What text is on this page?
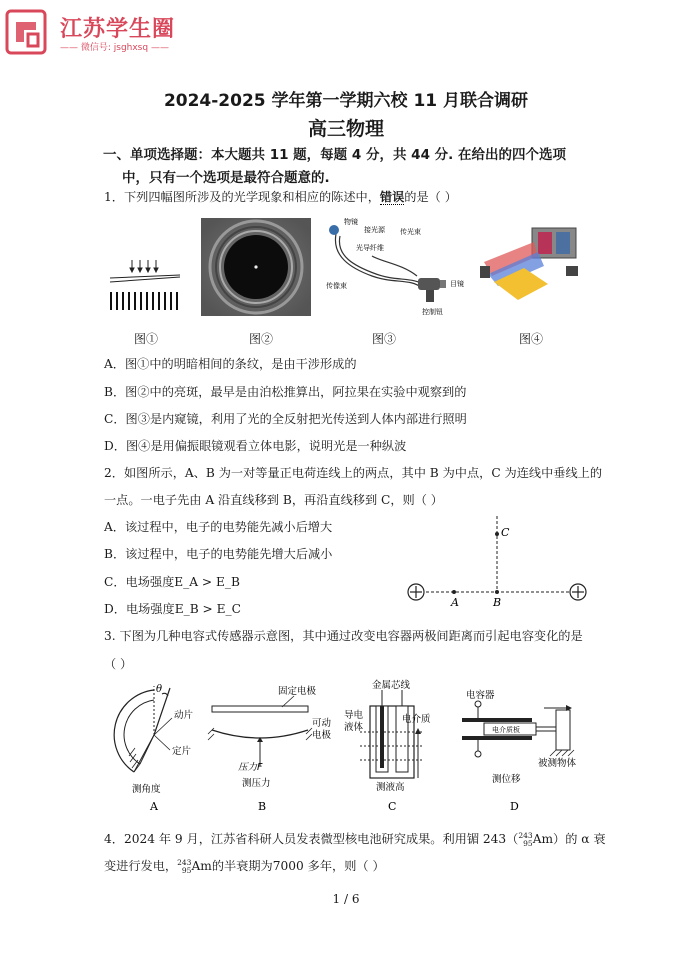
江苏学生圈
—— 微信号: jsghxsq ——
2024-2025 学年第一学期六校 11 月联合调研
高三物理
一、单项选择题：本大题共 11 题，每题 4 分，共 44 分. 在给出的四个选项
中，只有一个选项是最符合题意的.
1．下列四幅图所涉及的光学现象和相应的陈述中，错误的是（ ）
物镜
接光源 传光束
光导纤维
传像束	目镜
控制钮
图①	图②	图③	图④
A．图①中的明暗相间的条纹，是由干涉形成的
B．图②中的亮斑，最早是由泊松推算出，阿拉果在实验中观察到的
C．图③是内窥镜，利用了光的全反射把光传送到人体内部进行照明
D．图④是用偏振眼镜观看立体电影，说明光是一种纵波
2．如图所示，A、B 为一对等量正电荷连线上的两点，其中 B 为中点，C 为连线中垂线上的
一点。一电子先由 A 沿直线移到 B，再沿直线移到 C，则（ ）
A．该过程中，电子的电势能先减小后增大
B．该过程中，电子的电势能先增大后减小
C．电场强度E_A > E_B
D．电场强度E_B > E_C	A	B
C
3. 下图为几种电容式传感器示意图，其中通过改变电容器两极间距离而引起电容变化的是
（ ）
θ
动片
定片
测角度
A
固定电极
可动
电极
压力F
测压力
B
金属芯线
导电
液体
电介质
测液高
C
电容器
电介质板
被测物体
测位移
D
4．2024 年 9 月，江苏省科研人员发表微型核电池研究成果。利用镅 243（243
95Am）的 α 衰
变进行发电，243
95Am的半衰期为7000 多年，则（ ）
1 / 6
